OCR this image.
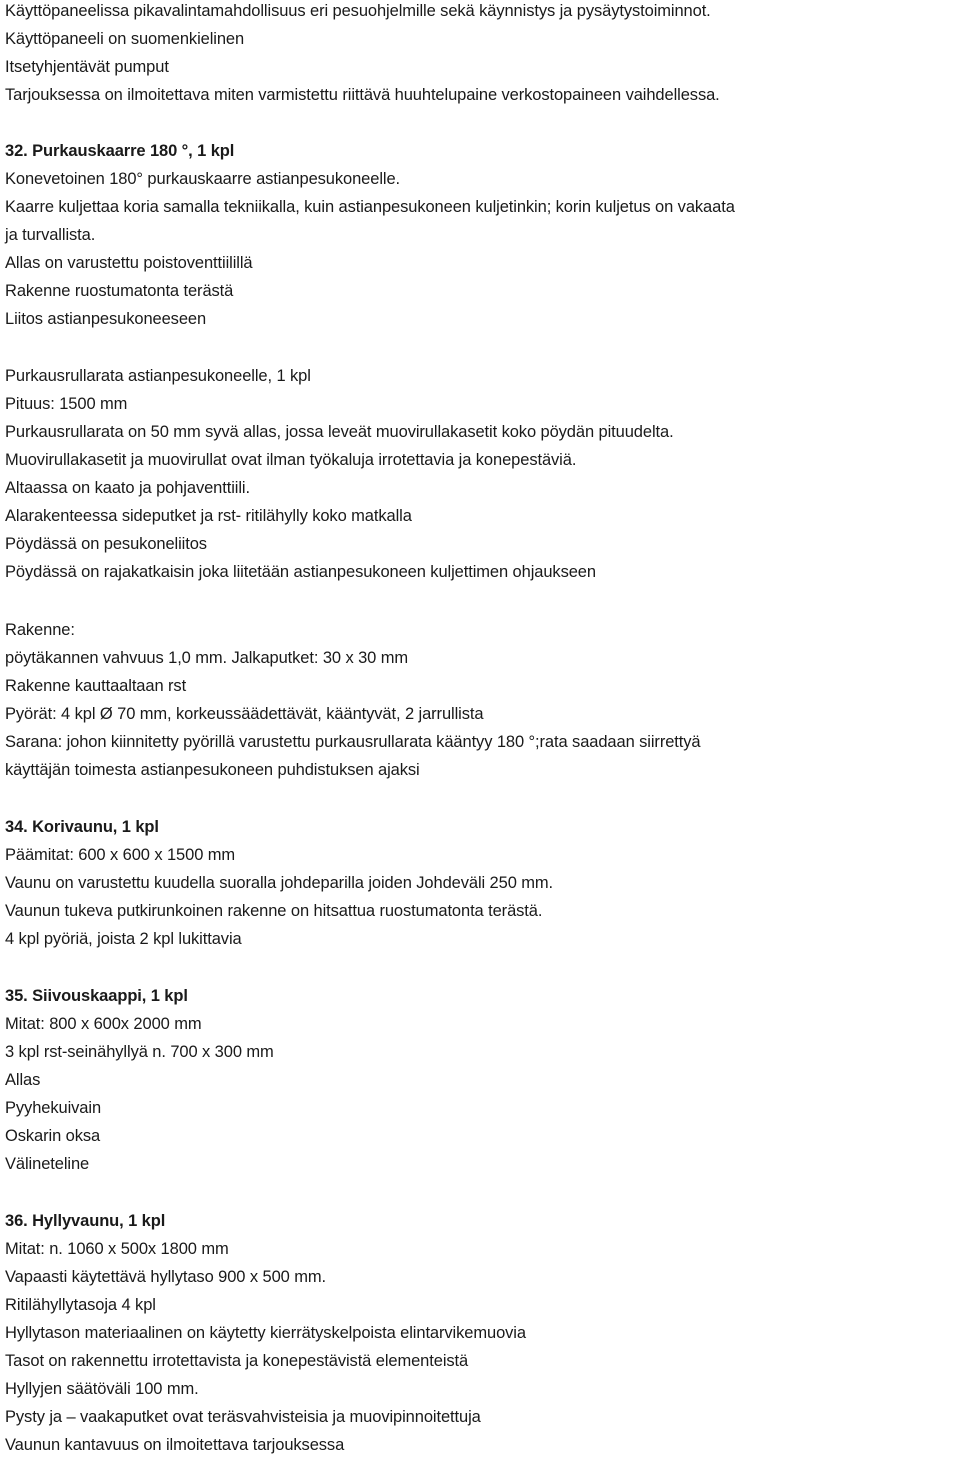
Käyttöpaneelissa pikavalintamahdollisuus eri pesuohjelmille sekä käynnistys ja pysäytystoiminnot.
Käyttöpaneeli on suomenkielinen
Itsetyhjentävät pumput
Tarjouksessa on ilmoitettava miten varmistettu riittävä huuhtelupaine verkostopaineen vaihdellessa.
32. Purkauskaarre 180 °, 1 kpl
Konevetoinen 180° purkauskaarre astianpesukoneelle.
Kaarre kuljettaa koria samalla tekniikalla, kuin astianpesukoneen kuljetinkin; korin kuljetus on vakaata
ja turvallista.
Allas on varustettu poistoventtiilillä
Rakenne ruostumatonta terästä
Liitos astianpesukoneeseen
Purkausrullarata astianpesukoneelle, 1 kpl
Pituus: 1500 mm
Purkausrullarata on 50 mm syvä allas, jossa leveät muovirullakasetit koko pöydän pituudelta.
Muovirullakasetit ja muovirullat ovat ilman työkaluja irrotettavia ja konepestäviä.
Altaassa on kaato ja pohjaventtiili.
Alarakenteessa sideputket ja rst- ritilähylly koko matkalla
Pöydässä on pesukoneliitos
Pöydässä on rajakatkaisin joka liitetään astianpesukoneen kuljettimen ohjaukseen
Rakenne:
pöytäkannen vahvuus 1,0 mm. Jalkaputket: 30 x 30 mm
Rakenne kauttaaltaan rst
Pyörät: 4 kpl Ø 70 mm, korkeussäädettävät, kääntyvät, 2 jarrullista
Sarana: johon kiinnitetty pyörillä varustettu purkausrullarata kääntyy 180 °;rata saadaan siirrettyä
käyttäjän toimesta astianpesukoneen puhdistuksen ajaksi
34. Korivaunu, 1 kpl
Päämitat: 600 x 600 x 1500 mm
Vaunu on varustettu kuudella suoralla johdeparilla joiden Johdeväli 250 mm.
Vaunun tukeva putkirunkoinen rakenne on hitsattua ruostumatonta terästä.
4 kpl pyöriä, joista 2 kpl lukittavia
35. Siivouskaappi, 1 kpl
Mitat: 800 x 600x 2000 mm
3 kpl rst-seinähyllyä n. 700 x 300 mm
Allas
Pyyhekuivain
Oskarin oksa
Välineteline
36. Hyllyvaunu, 1 kpl
Mitat: n. 1060 x 500x 1800 mm
Vapaasti käytettävä hyllytaso 900 x 500 mm.
Ritilähyllytasoja 4 kpl
Hyllytason materiaalinen on käytetty kierrätyskelpoista elintarvikemuovia
Tasot on rakennettu irrotettavista ja konepestävistä elementeistä
Hyllyjen säätöväli 100 mm.
Pysty ja – vaakaputket ovat teräsvahvisteisia ja muovipinnoitettuja
Vaunun kantavuus on ilmoitettava tarjouksessa
